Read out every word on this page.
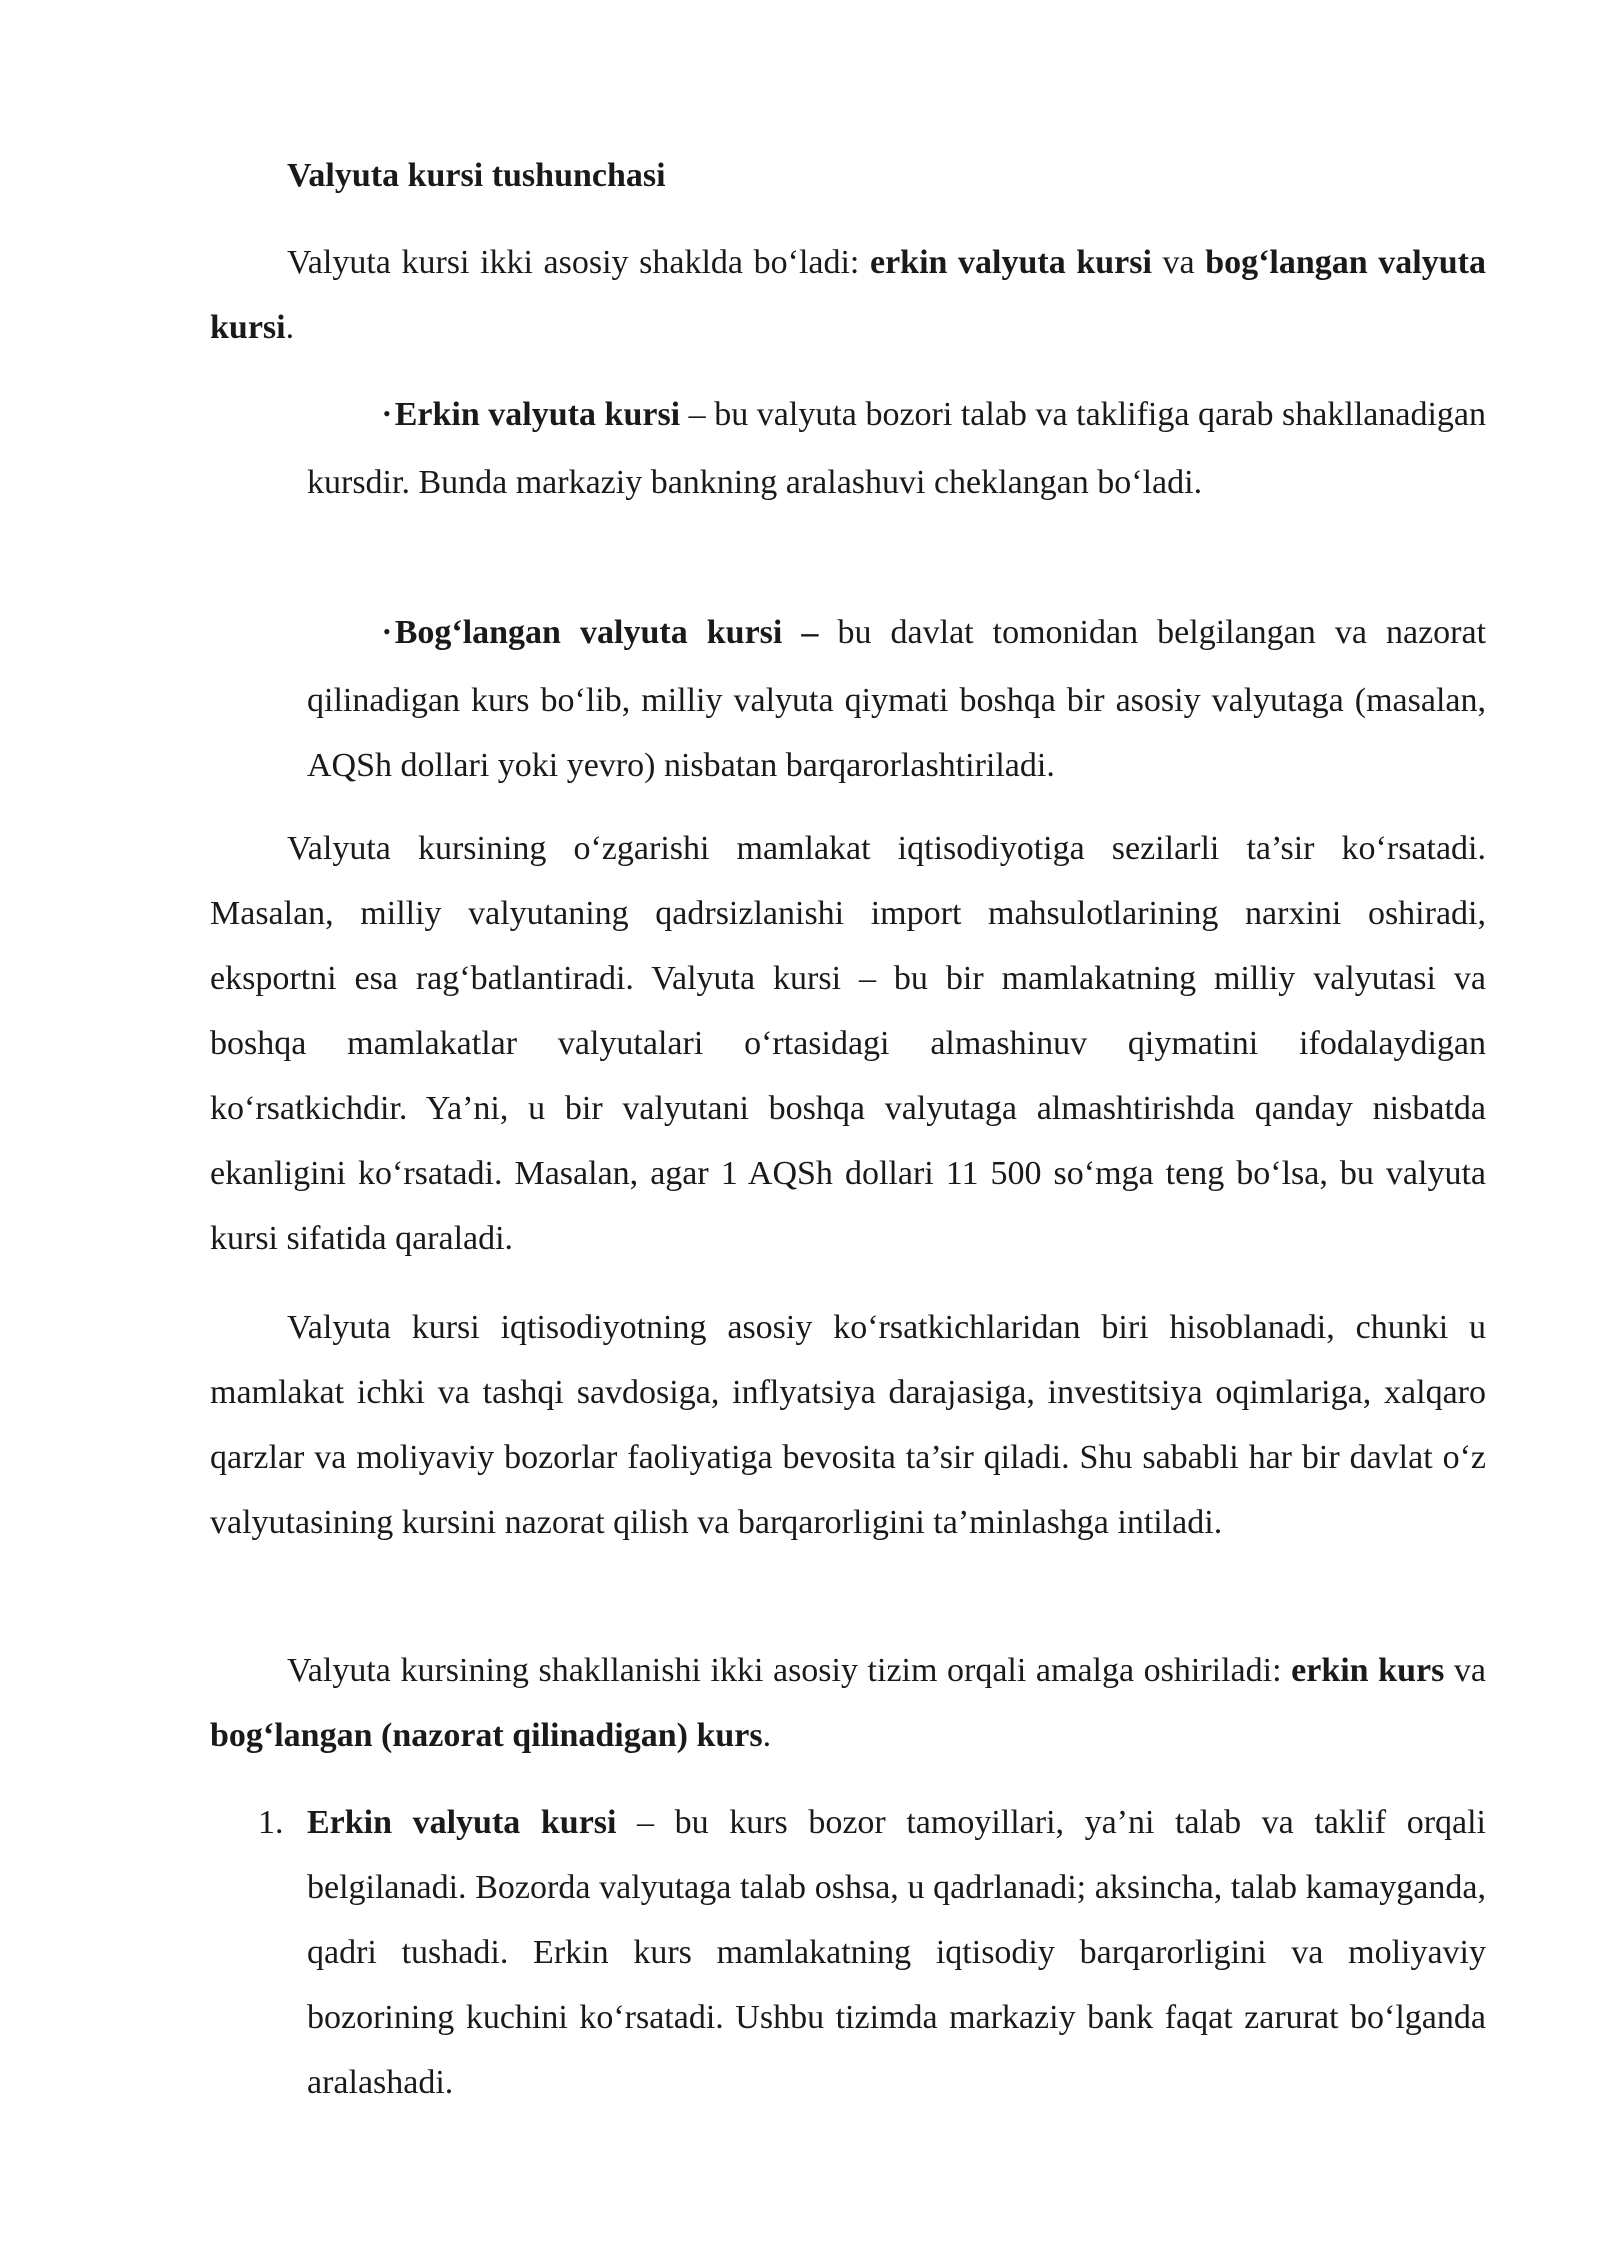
Valyuta kursi tushunchasi

Valyuta kursi ikki asosiy shaklda bo‘ladi: erkin valyuta kursi va bog‘langan valyuta kursi.

• Erkin valyuta kursi – bu valyuta bozori talab va taklifiga qarab shakllanadigan kursdir. Bunda markaziy bankning aralashuvi cheklangan bo‘ladi.

• Bog‘langan valyuta kursi – bu davlat tomonidan belgilangan va nazorat qilinadigan kurs bo‘lib, milliy valyuta qiymati boshqa bir asosiy valyutaga (masalan, AQSh dollari yoki yevro) nisbatan barqarorlashtiriladi.

Valyuta kursining o‘zgarishi mamlakat iqtisodiyotiga sezilarli ta’sir ko‘rsatadi. Masalan, milliy valyutaning qadrsizlanishi import mahsulotlarining narxini oshiradi, eksportni esa rag‘batlantiradi. Valyuta kursi – bu bir mamlakatning milliy valyutasi va boshqa mamlakatlar valyutalari o‘rtasidagi almashinuv qiymatini ifodalaydigan ko‘rsatkichdir. Ya’ni, u bir valyutani boshqa valyutaga almashtirishda qanday nisbatda ekanligini ko‘rsatadi. Masalan, agar 1 AQSh dollari 11 500 so‘mga teng bo‘lsa, bu valyuta kursi sifatida qaraladi.

Valyuta kursi iqtisodiyotning asosiy ko‘rsatkichlaridan biri hisoblanadi, chunki u mamlakat ichki va tashqi savdosiga, inflyatsiya darajasiga, investitsiya oqimlariga, xalqaro qarzlar va moliyaviy bozorlar faoliyatiga bevosita ta’sir qiladi. Shu sababli har bir davlat o‘z valyutasining kursini nazorat qilish va barqarorligini ta’minlashga intiladi.

Valyuta kursining shakllanishi ikki asosiy tizim orqali amalga oshiriladi: erkin kurs va bog‘langan (nazorat qilinadigan) kurs.

1. Erkin valyuta kursi – bu kurs bozor tamoyillari, ya’ni talab va taklif orqali belgilanadi. Bozorda valyutaga talab oshsa, u qadrlanadi; aksincha, talab kamayganda, qadri tushadi. Erkin kurs mamlakatning iqtisodiy barqarorligini va moliyaviy bozorining kuchini ko‘rsatadi. Ushbu tizimda markaziy bank faqat zarurat bo‘lganda aralashadi.
